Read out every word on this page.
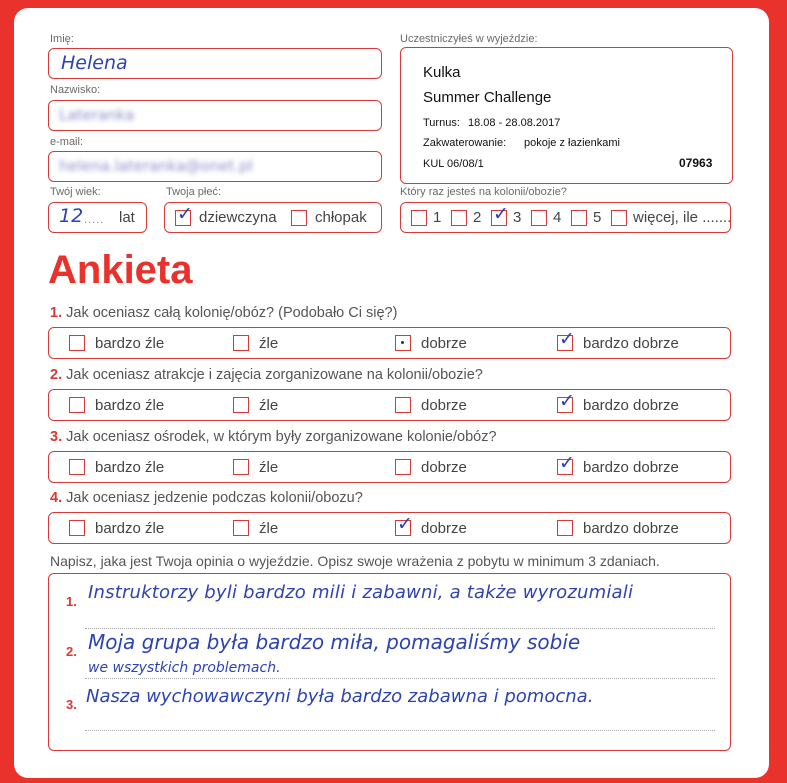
Imię:
Helena
Nazwisko:
Lateranka
e-mail:
helena.lateranka@onet.pl
Twój wiek:
12 ..... lat
Twoja płeć:
✓ dziewczyna	chłopak
Uczestniczyłeś w wyjeździe:
Kulka
Summer Challenge
Turnus: 18.08 - 28.08.2017
Zakwaterowanie: pokoje z łazienkami
KUL 06/08/1	07963
Który raz jesteś na kolonii/obozie?
1 2 ✓ 3 4 5 więcej, ile .......
Ankieta
1. Jak oceniasz całą kolonię/obóz? (Podobało Ci się?)
bardzo źle	źle	dobrze	✓ bardzo dobrze
2. Jak oceniasz atrakcje i zajęcia zorganizowane na kolonii/obozie?
bardzo źle	źle	dobrze	✓ bardzo dobrze
3. Jak oceniasz ośrodek, w którym były zorganizowane kolonie/obóz?
bardzo źle	źle	dobrze	✓ bardzo dobrze
4. Jak oceniasz jedzenie podczas kolonii/obozu?
bardzo źle	źle	✓ dobrze	bardzo dobrze
Napisz, jaka jest Twoja opinia o wyjeździe. Opisz swoje wrażenia z pobytu w minimum 3 zdaniach.
1. Instruktorzy byli bardzo mili i zabawni, a także wyrozumiali
2. Moja grupa była bardzo miła, pomagaliśmy sobie
we wszystkich problemach.
3. Nasza wychowawczyni była bardzo zabawna i pomocna.
